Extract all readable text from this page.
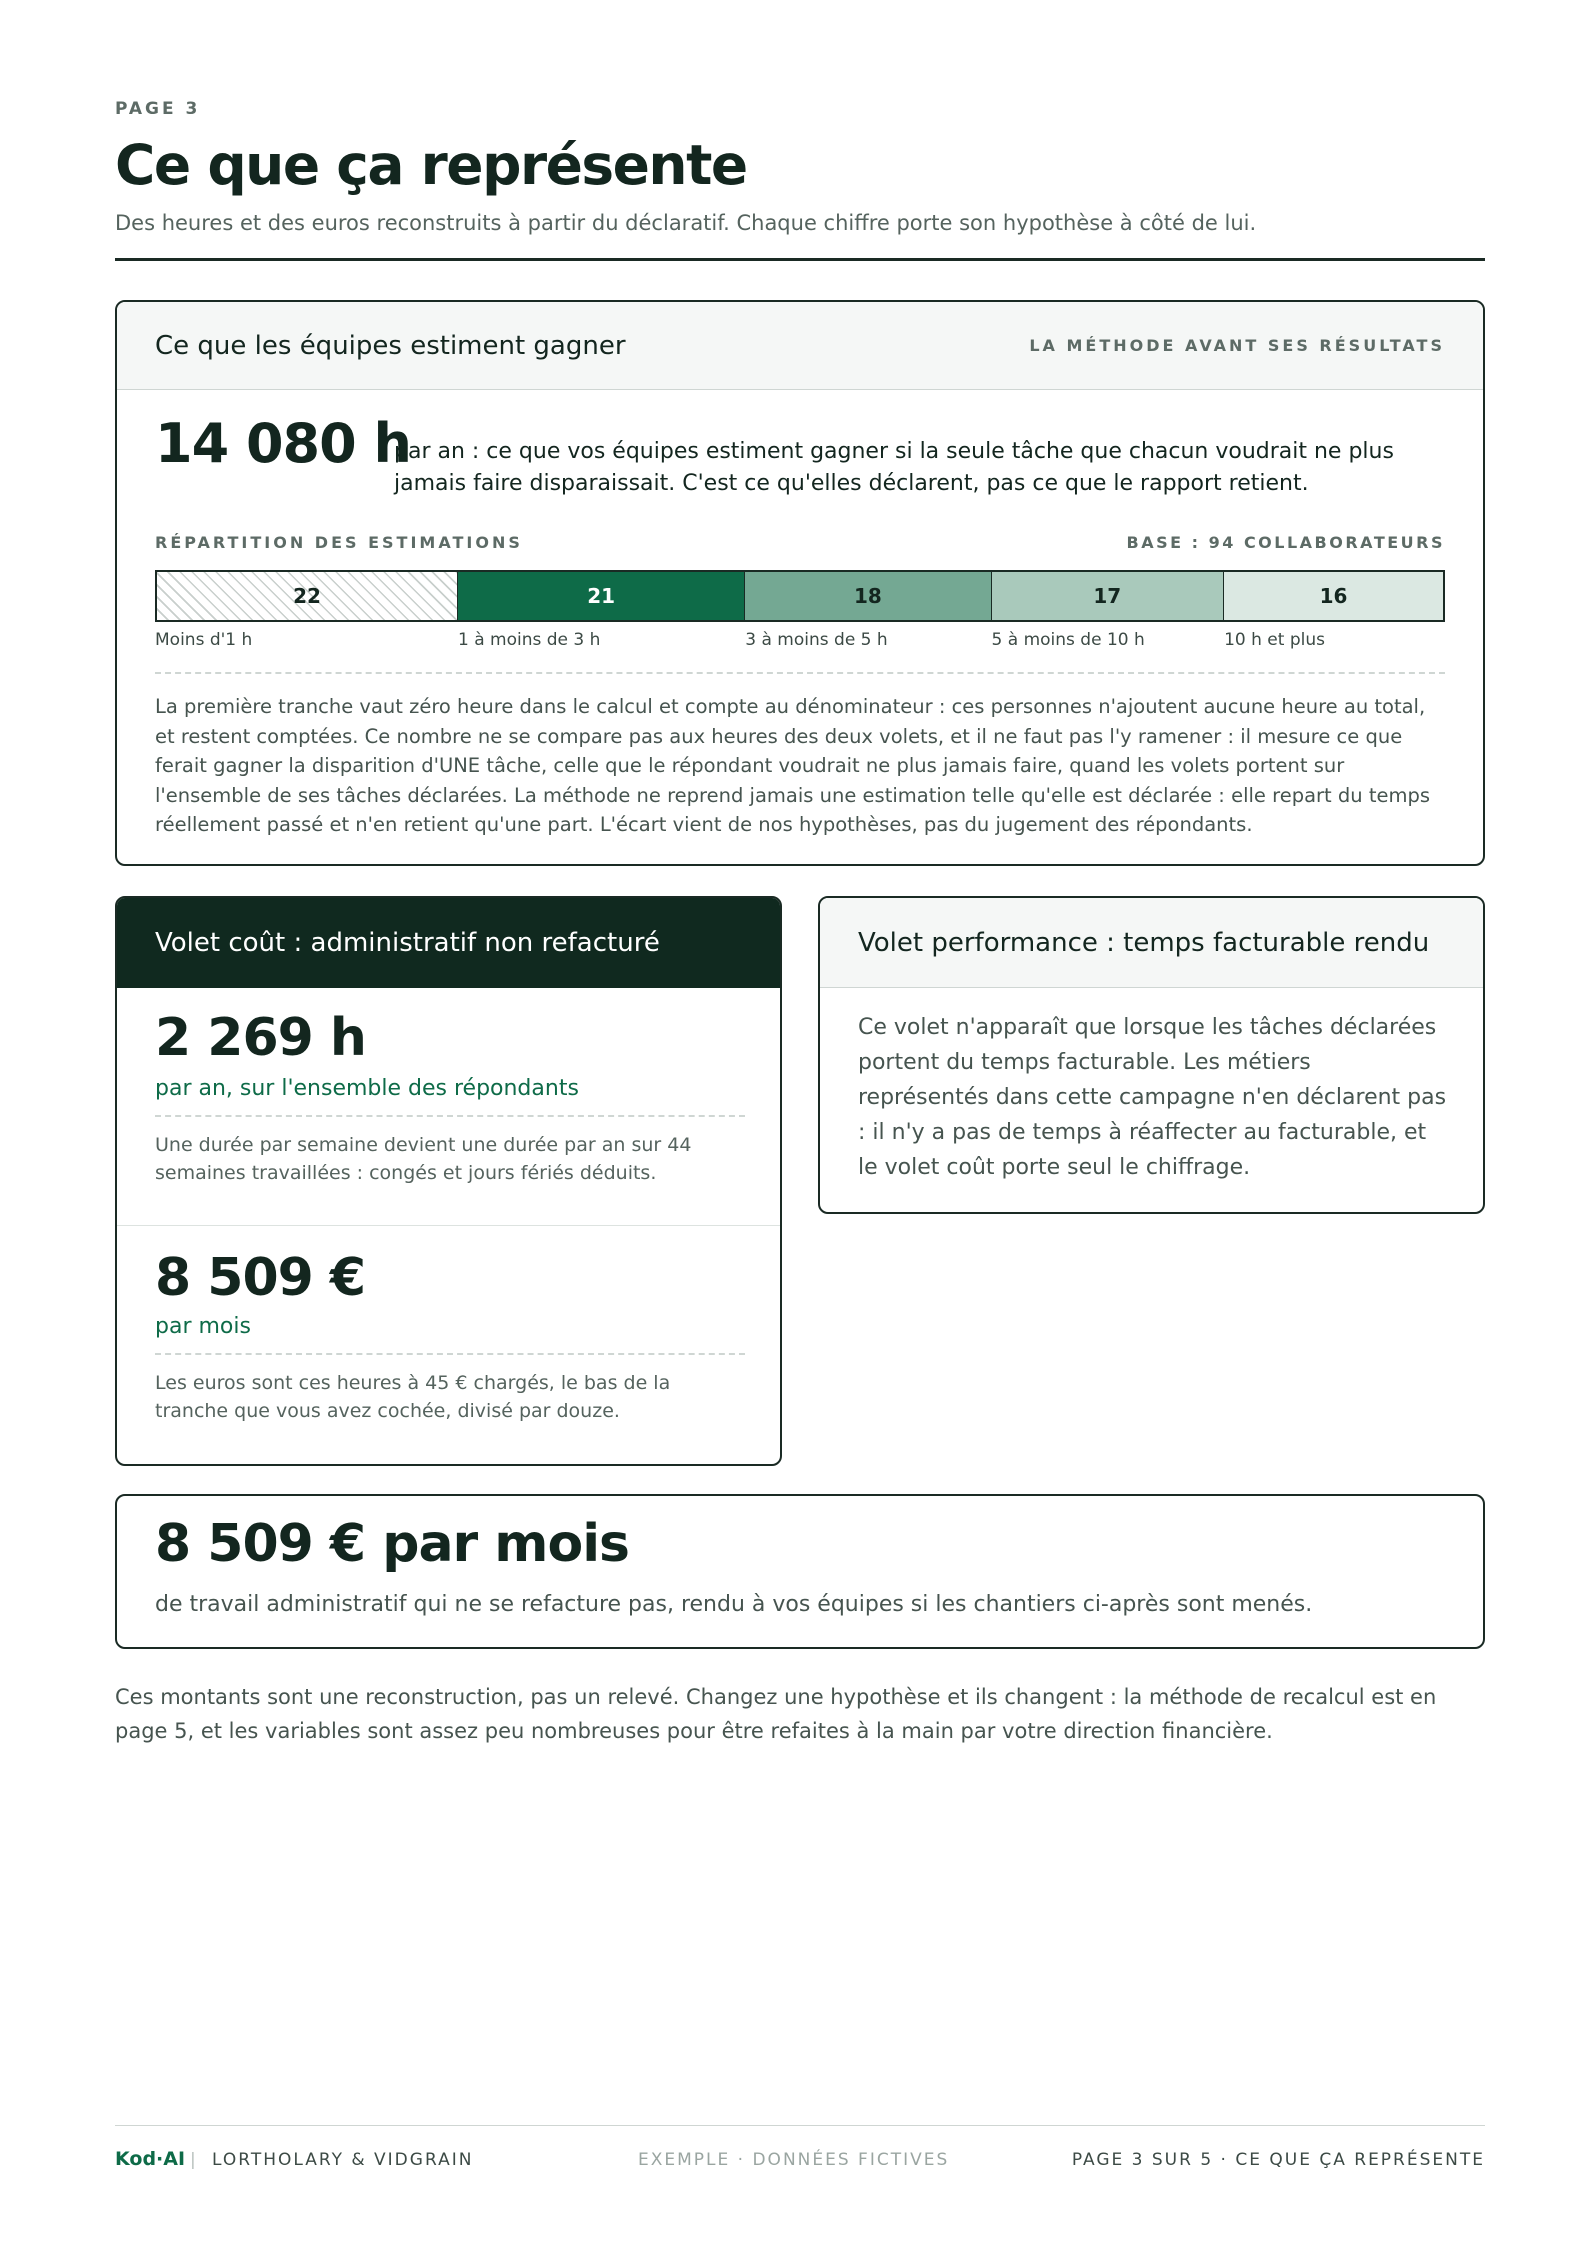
PAGE 3
Ce que ça représente
Des heures et des euros reconstruits à partir du déclaratif. Chaque chiffre porte son hypothèse à côté de lui.
Ce que les équipes estiment gagner	LA MÉTHODE AVANT SES RÉSULTATS
14 080 h
par an : ce que vos équipes estiment gagner si la seule tâche que chacun voudrait ne plus jamais faire disparaissait. C'est ce qu'elles déclarent, pas ce que le rapport retient.
RÉPARTITION DES ESTIMATIONS	BASE : 94 COLLABORATEURS
22	21	18	17	16
Moins d'1 h	1 à moins de 3 h	3 à moins de 5 h	5 à moins de 10 h	10 h et plus
La première tranche vaut zéro heure dans le calcul et compte au dénominateur : ces personnes n'ajoutent aucune heure au total, et restent comptées. Ce nombre ne se compare pas aux heures des deux volets, et il ne faut pas l'y ramener : il mesure ce que ferait gagner la disparition d'UNE tâche, celle que le répondant voudrait ne plus jamais faire, quand les volets portent sur l'ensemble de ses tâches déclarées. La méthode ne reprend jamais une estimation telle qu'elle est déclarée : elle repart du temps réellement passé et n'en retient qu'une part. L'écart vient de nos hypothèses, pas du jugement des répondants.
Volet coût : administratif non refacturé
2 269 h
par an, sur l'ensemble des répondants
Une durée par semaine devient une durée par an sur 44 semaines travaillées : congés et jours fériés déduits.
8 509 €
par mois
Les euros sont ces heures à 45 € chargés, le bas de la tranche que vous avez cochée, divisé par douze.
Volet performance : temps facturable rendu
Ce volet n'apparaît que lorsque les tâches déclarées portent du temps facturable. Les métiers représentés dans cette campagne n'en déclarent pas : il n'y a pas de temps à réaffecter au facturable, et le volet coût porte seul le chiffrage.
8 509 € par mois
de travail administratif qui ne se refacture pas, rendu à vos équipes si les chantiers ci-après sont menés.
Ces montants sont une reconstruction, pas un relevé. Changez une hypothèse et ils changent : la méthode de recalcul est en page 5, et les variables sont assez peu nombreuses pour être refaites à la main par votre direction financière.
Kod·AI | LORTHOLARY & VIDGRAIN	EXEMPLE · DONNÉES FICTIVES	PAGE 3 SUR 5 · CE QUE ÇA REPRÉSENTE
